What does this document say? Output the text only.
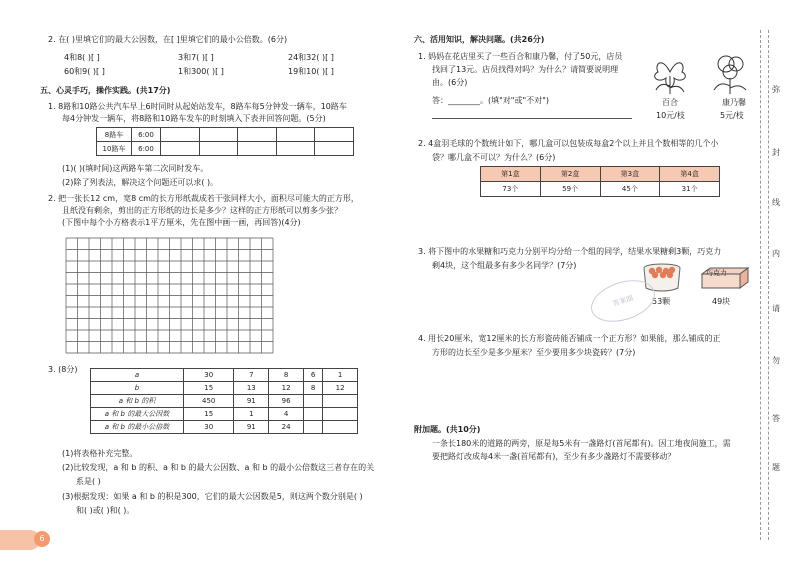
2. 在( )里填它们的最大公因数，在[ ]里填它们的最小公倍数。(6分)
4和8( )[ ]	3和7( )[ ]	24和32( )[ ]
60和9( )[ ]	1和300( )[ ]	19和10( )[ ]
五、心灵手巧，操作实践。(共17分)
1. 8路和10路公共汽车早上6时同时从起始站发车，8路车每5分钟发一辆车，10路车
每4分钟发一辆车，将8路和10路车发车的时刻填入下表并回答问题。(5分)
8路车	6:00					
10路车	6:00					
(1)( )(填时间)这两路车第二次同时发车。
(2)除了列表法，解决这个问题还可以求( )。
2. 把一张长12 cm，宽8 cm的长方形纸裁成若干张同样大小，面积尽可能大的正方形，
且纸没有剩余，剪出的正方形纸的边长是多少？这样的正方形纸可以剪多少张？
(下图中每个小方格表示1平方厘米，先在图中画一画，再回答)(4分)
3. (8分)
a	30	7	8	6	1
b	15	13	12	8	12
a 和 b 的积	450	91	96		
a 和 b 的最大公因数	15	1	4		
a 和 b 的最小公倍数	30	91	24		
(1)将表格补充完整。
(2)比较发现，a 和 b 的积、a 和 b 的最大公因数、a 和 b 的最小公倍数这三者存在的关
系是( )
(3)根据发现：如果 a 和 b 的积是300，它们的最大公因数是5，则这两个数分别是( )
和( )或( )和( )。
6
六、活用知识，解决问题。(共26分)
1. 妈妈在花店里买了一些百合和康乃馨，付了50元，店员
找回了13元。店员找得对吗？为什么？请简要说明理
由。(6分)
答：________。(填"对"或"不对")	百合	康乃馨
10元/枝	5元/枝
2. 4盒羽毛球的个数统计如下，哪几盒可以包装成每盒2个以上并且个数相等的几个小
袋？哪几盒不可以？为什么？(6分)
第1盒	第2盒	第3盒	第4盒
73个	59个	45个	31个
3. 将下图中的水果糖和巧克力分别平均分给一个组的同学，结果水果糖剩3颗，巧克力
剩4块，这个组最多有多少名同学？(7分)
53颗
巧克力
49块
答案圈
4. 用长20厘米，宽12厘米的长方形瓷砖能否铺成一个正方形？如果能，那么铺成的正
方形的边长至少是多少厘米？至少要用多少块瓷砖？(7分)
附加题。(共10分)
一条长180米的道路的两旁，原是每5米有一盏路灯(首尾都有)。因工地夜间施工，需
要把路灯改成每4米一盏(首尾都有)，至少有多少盏路灯不需要移动？
弥
封
线
内
请
勿
答
题
